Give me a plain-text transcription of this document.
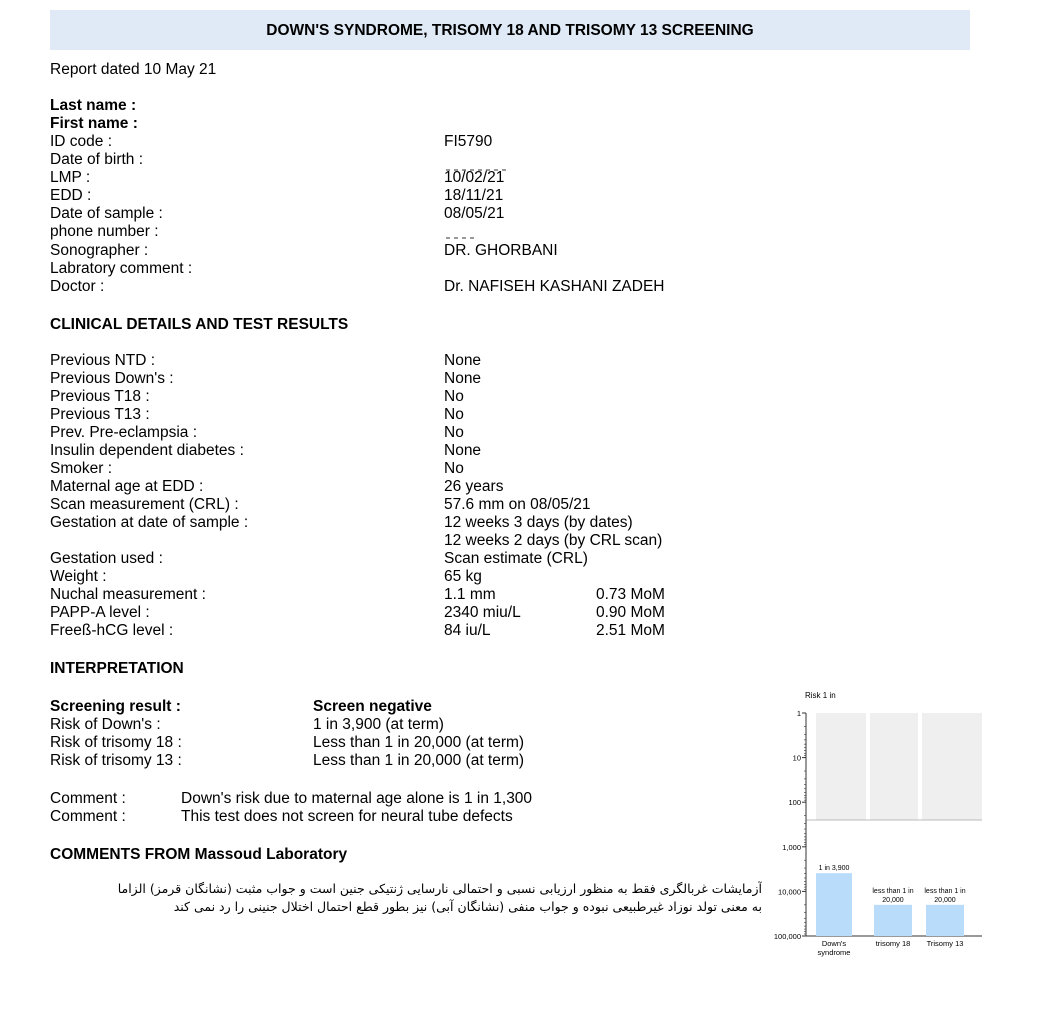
DOWN'S SYNDROME, TRISOMY 18 AND TRISOMY 13 SCREENING
Report dated 10 May 21
Last name :
First name :
ID code :	FI5790
Date of birth :
LMP :	10/02/21
EDD :	18/11/21
Date of sample :	08/05/21
phone number :
Sonographer :	DR. GHORBANI
Labratory comment :
Doctor :	Dr. NAFISEH KASHANI ZADEH
CLINICAL DETAILS AND TEST RESULTS
Previous NTD :	None
Previous Down's :	None
Previous T18 :	No
Previous T13 :	No
Prev. Pre-eclampsia :	No
Insulin dependent diabetes :	None
Smoker :	No
Maternal age at EDD :	26 years
Scan measurement (CRL) :	57.6 mm on 08/05/21
Gestation at date of sample :	12 weeks 3 days (by dates)
12 weeks 2 days (by CRL scan)
Gestation used :	Scan estimate (CRL)
Weight :	65 kg
Nuchal measurement :	1.1 mm	0.73 MoM
PAPP-A level :	2340 miu/L	0.90 MoM
Freeß-hCG level :	84 iu/L	2.51 MoM
INTERPRETATION
Screening result :	Screen negative
Risk of Down's :	1 in 3,900 (at term)
Risk of trisomy 18 :	Less than 1 in 20,000 (at term)
Risk of trisomy 13 :	Less than 1 in 20,000 (at term)
Comment :	Down's risk due to maternal age alone is 1 in 1,300
Comment :	This test does not screen for neural tube defects
COMMENTS FROM Massoud Laboratory
آزمایشات غربالگری فقط به منظور ارزیابی نسبی و احتمالی نارسایی ژنتیکی جنین است و جواب مثبت (نشانگان قرمز) الزاما
به معنی تولد نوزاد غیرطبیعی نبوده و جواب منفی (نشانگان آبی) نیز بطور قطع احتمال اختلال جنینی را رد نمی کند
Risk 1 in
1
10
100
1,000
10,000
100,000
1 in 3,900
Down's
syndrome
less than 1 in
20,000
trisomy 18
less than 1 in
20,000
Trisomy 13
